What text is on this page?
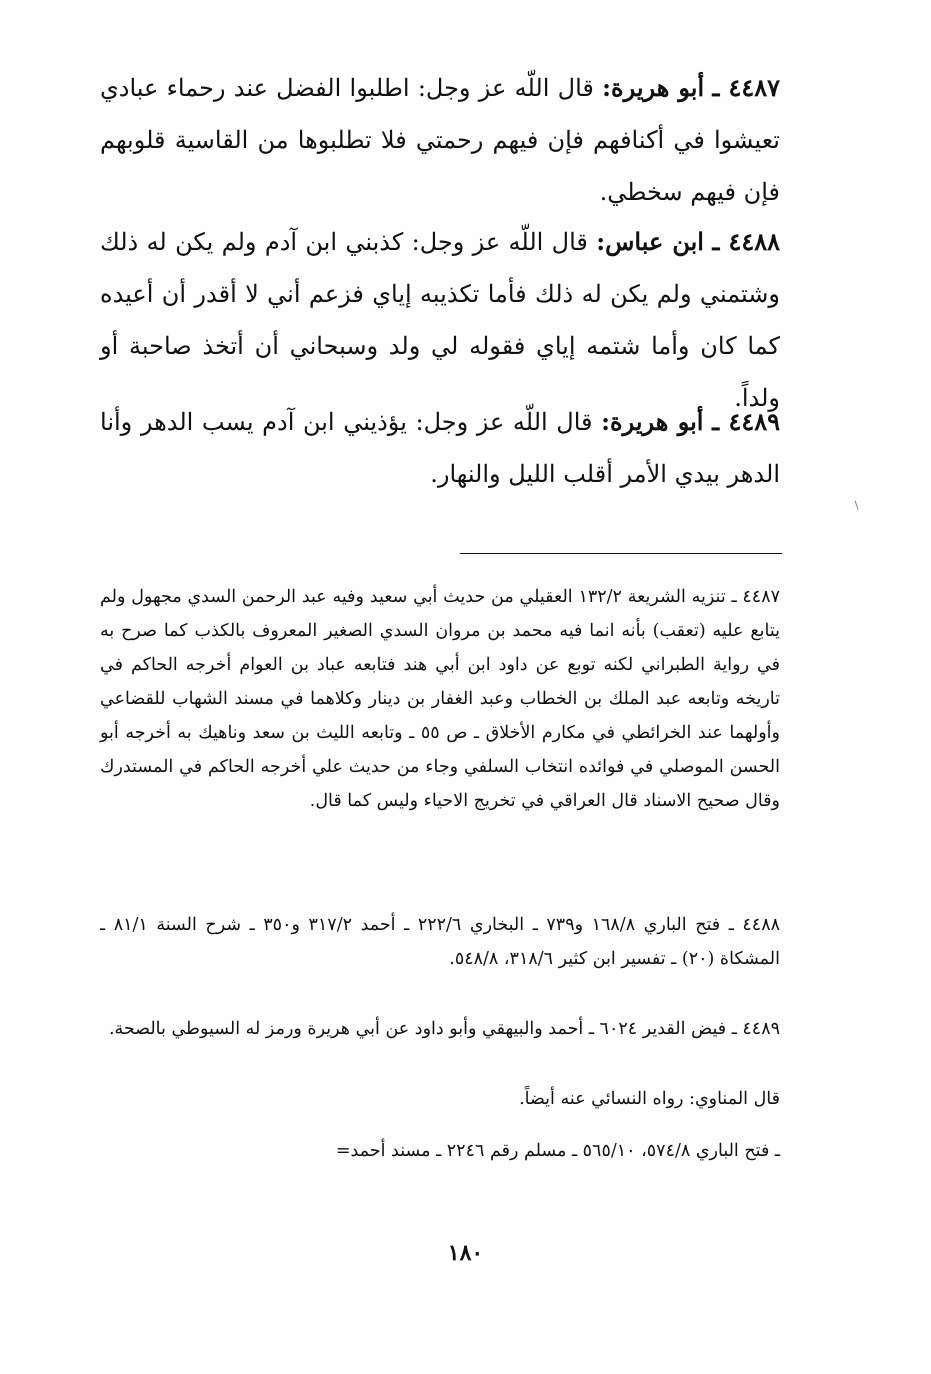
٤٤٨٧ ـ أبو هريرة: قال اللّه عز وجل: اطلبوا الفضل عند رحماء عبادي تعيشوا في أكنافهم فإن فيهم رحمتي فلا تطلبوها من القاسية قلوبهم فإن فيهم سخطي.

٤٤٨٨ ـ ابن عباس: قال اللّه عز وجل: كذبني ابن آدم ولم يكن له ذلك وشتمني ولم يكن له ذلك فأما تكذيبه إياي فزعم أني لا أقدر أن أعيده كما كان وأما شتمه إياي فقوله لي ولد وسبحاني أن أتخذ صاحبة أو ولداً.

٤٤٨٩ ـ أبو هريرة: قال اللّه عز وجل: يؤذيني ابن آدم يسب الدهر وأنا الدهر بيدي الأمر أقلب الليل والنهار.

٤٤٨٧ ـ تنزيه الشريعة ١٣٢/٢ العقيلي من حديث أبي سعيد وفيه عبد الرحمن السدي مجهول ولم يتابع عليه (تعقب) بأنه انما فيه محمد بن مروان السدي الصغير المعروف بالكذب كما صرح به في رواية الطبراني لكنه توبع عن داود ابن أبي هند فتابعه عباد بن العوام أخرجه الحاكم في تاريخه وتابعه عبد الملك بن الخطاب وعبد الغفار بن دينار وكلاهما في مسند الشهاب للقضاعي وأولهما عند الخرائطي في مكارم الأخلاق ـ ص ٥٥ ـ وتابعه الليث بن سعد وناهيك به أخرجه أبو الحسن الموصلي في فوائده انتخاب السلفي وجاء من حديث علي أخرجه الحاكم في المستدرك وقال صحيح الاسناد قال العراقي في تخريج الاحياء وليس كما قال.

٤٤٨٨ ـ فتح الباري ١٦٨/٨ و٧٣٩ ـ البخاري ٢٢٢/٦ ـ أحمد ٣١٧/٢ و٣٥٠ ـ شرح السنة ٨١/١ ـ المشكاة (٢٠) ـ تفسير ابن كثير ٣١٨/٦، ٥٤٨/٨.

٤٤٨٩ ـ فيض القدير ٦٠٢٤ ـ أحمد والبيهقي وأبو داود عن أبي هريرة ورمز له السيوطي بالصحة.

قال المناوي: رواه النسائي عنه أيضاً.

ـ فتح الباري ٥٧٤/٨، ٥٦٥/١٠ ـ مسلم رقم ٢٢٤٦ ـ مسند أحمد=

١٨٠
